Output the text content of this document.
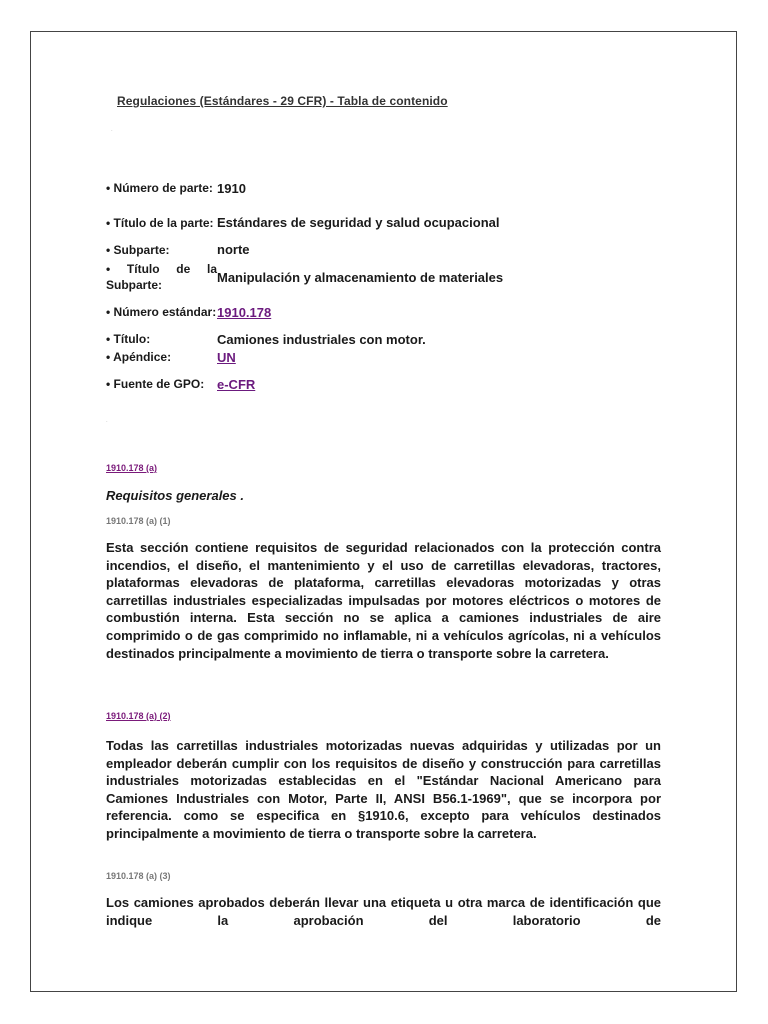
Regulaciones (Estándares - 29 CFR) - Tabla de contenido
.
• Número de parte: 1910
• Título de la parte: Estándares de seguridad y salud ocupacional
• Subparte:	norte
• Título de la Subparte:
Manipulación y almacenamiento de materiales
• Número estándar: 1910.178
• Título:	Camiones industriales con motor.
• Apéndice:	UN
• Fuente de GPO: e-CFR
.
1910.178 (a)
Requisitos generales .
1910.178 (a) (1)

Esta sección contiene requisitos de seguridad relacionados con la protección contra incendios, el diseño, el mantenimiento y el uso de carretillas elevadoras, tractores, plataformas elevadoras de plataforma, carretillas elevadoras motorizadas y otras carretillas industriales especializadas impulsadas por motores eléctricos o motores de combustión interna. Esta sección no se aplica a camiones industriales de aire comprimido o de gas comprimido no inflamable, ni a vehículos agrícolas, ni a vehículos destinados principalmente a movimiento de tierra o transporte sobre la carretera.

1910.178 (a) (2)

Todas las carretillas industriales motorizadas nuevas adquiridas y utilizadas por un empleador deberán cumplir con los requisitos de diseño y construcción para carretillas industriales motorizadas establecidas en el "Estándar Nacional Americano para Camiones Industriales con Motor, Parte II, ANSI B56.1-1969", que se incorpora por referencia. como se especifica en §1910.6, excepto para vehículos destinados principalmente a movimiento de tierra o transporte sobre la carretera.

1910.178 (a) (3)

Los camiones aprobados deberán llevar una etiqueta u otra marca de identificación que indique la aprobación del laboratorio de
